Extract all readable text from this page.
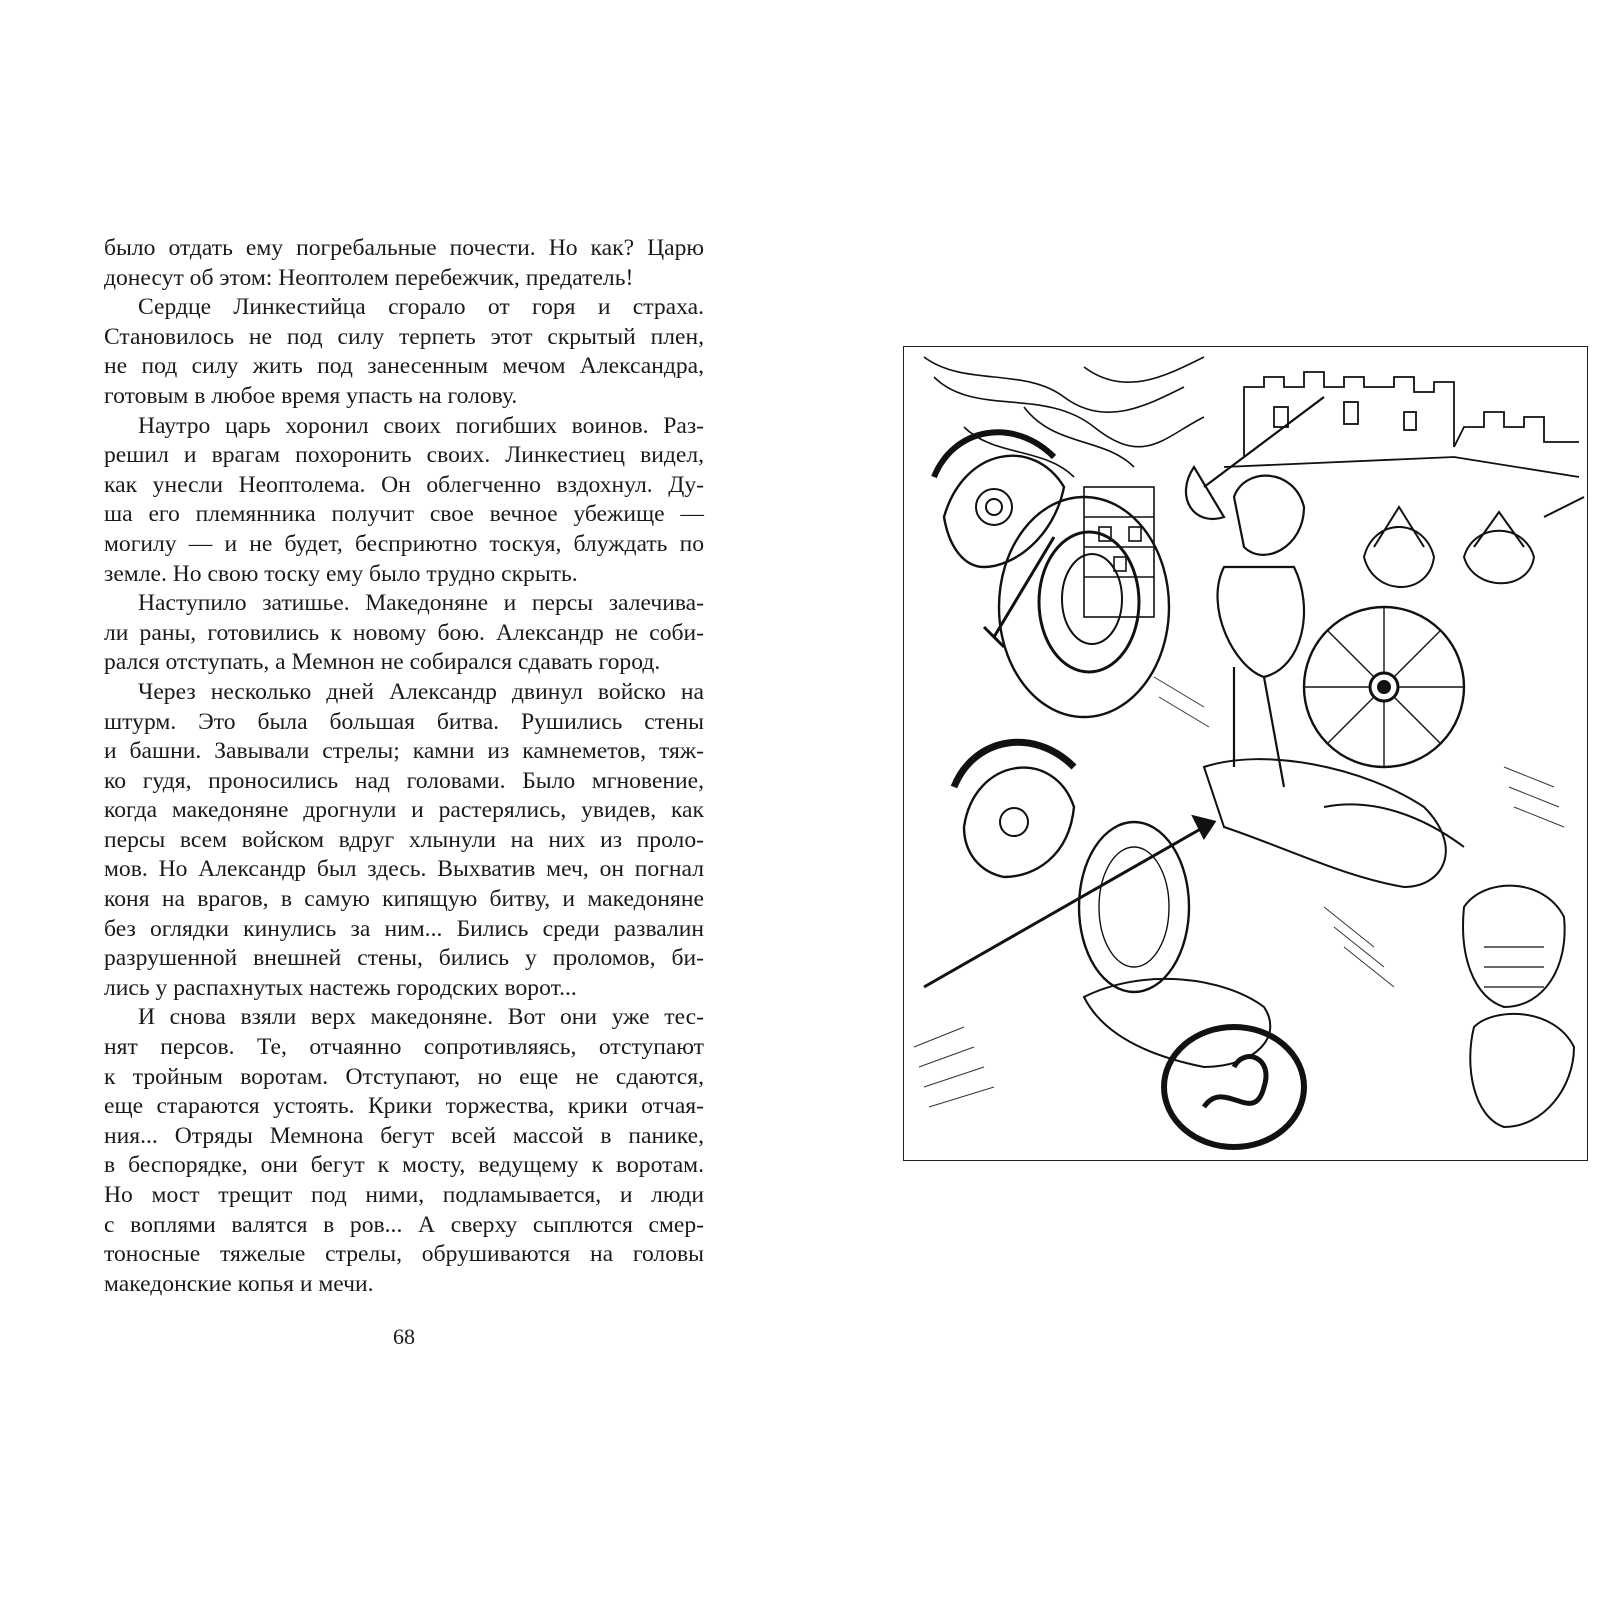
было отдать ему погребальные почести. Но как? Царю
донесут об этом: Неоптолем перебежчик, предатель!
Сердце Линкестийца сгорало от горя и страха.
Становилось не под силу терпеть этот скрытый плен,
не под силу жить под занесенным мечом Александра,
готовым в любое время упасть на голову.
Наутро царь хоронил своих погибших воинов. Раз-
решил и врагам похоронить своих. Линкестиец видел,
как унесли Неоптолема. Он облегченно вздохнул. Ду-
ша его племянника получит свое вечное убежище —
могилу — и не будет, бесприютно тоскуя, блуждать по
земле. Но свою тоску ему было трудно скрыть.
Наступило затишье. Македоняне и персы залечива-
ли раны, готовились к новому бою. Александр не соби-
рался отступать, а Мемнон не собирался сдавать город.
Через несколько дней Александр двинул войско на
штурм. Это была большая битва. Рушились стены
и башни. Завывали стрелы; камни из камнеметов, тяж-
ко гудя, проносились над головами. Было мгновение,
когда македоняне дрогнули и растерялись, увидев, как
персы всем войском вдруг хлынули на них из проло-
мов. Но Александр был здесь. Выхватив меч, он погнал
коня на врагов, в самую кипящую битву, и македоняне
без оглядки кинулись за ним... Бились среди развалин
разрушенной внешней стены, бились у проломов, би-
лись у распахнутых настежь городских ворот...
И снова взяли верх македоняне. Вот они уже тес-
нят персов. Те, отчаянно сопротивляясь, отступают
к тройным воротам. Отступают, но еще не сдаются,
еще стараются устоять. Крики торжества, крики отчая-
ния... Отряды Мемнона бегут всей массой в панике,
в беспорядке, они бегут к мосту, ведущему к воротам.
Но мост трещит под ними, подламывается, и люди
с воплями валятся в ров... А сверху сыплются смер-
тоносные тяжелые стрелы, обрушиваются на головы
македонские копья и мечи.
68
